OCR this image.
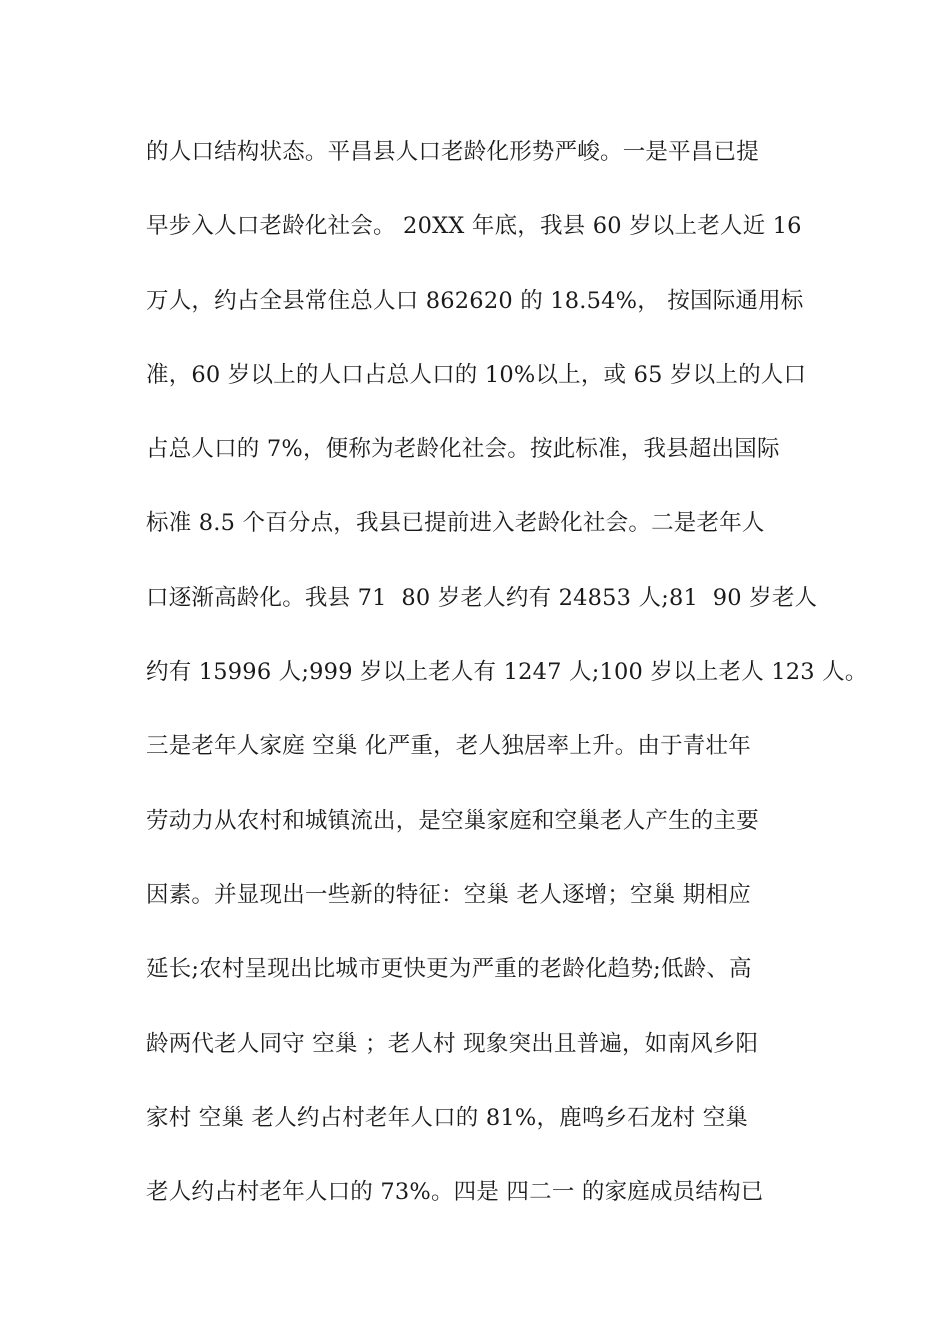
的人口结构状态。平昌县人口老龄化形势严峻。一是平昌已提
早步入人口老龄化社会。 20XX 年底，我县 60 岁以上老人近 16
万人，约占全县常住总人口 862620 的 18.54%， 按国际通用标
准，60 岁以上的人口占总人口的 10%以上，或 65 岁以上的人口
占总人口的 7%，便称为老龄化社会。按此标准，我县超出国际
标准 8.5 个百分点，我县已提前进入老龄化社会。二是老年人
口逐渐高龄化。我县 71  80 岁老人约有 24853 人;81  90 岁老人
约有 15996 人;999 岁以上老人有 1247 人;100 岁以上老人 123 人。
三是老年人家庭 空巢 化严重，老人独居率上升。由于青壮年
劳动力从农村和城镇流出，是空巢家庭和空巢老人产生的主要
因素。并显现出一些新的特征：空巢 老人逐增；空巢 期相应
延长;农村呈现出比城市更快更为严重的老龄化趋势;低龄、高
龄两代老人同守 空巢 ；老人村 现象突出且普遍，如南风乡阳
家村 空巢 老人约占村老年人口的 81%，鹿鸣乡石龙村 空巢
老人约占村老年人口的 73%。四是 四二一 的家庭成员结构已
